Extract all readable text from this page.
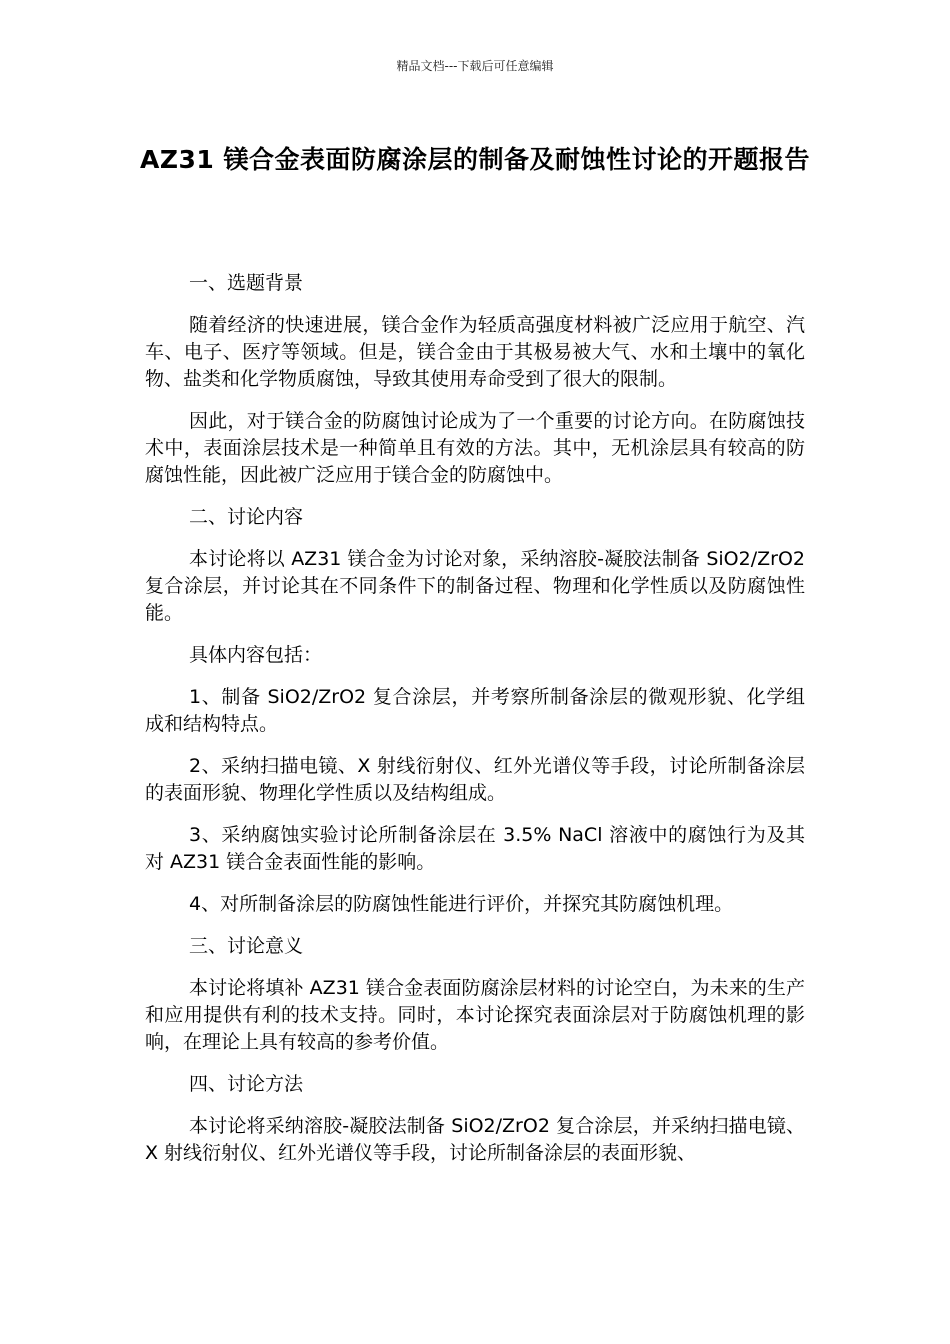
精品文档---下载后可任意编辑
AZ31 镁合金表面防腐涂层的制备及耐蚀性讨论的开题报告

一、选题背景

随着经济的快速进展，镁合金作为轻质高强度材料被广泛应用于航空、汽车、电子、医疗等领域。但是，镁合金由于其极易被大气、水和土壤中的氧化物、盐类和化学物质腐蚀，导致其使用寿命受到了很大的限制。

因此，对于镁合金的防腐蚀讨论成为了一个重要的讨论方向。在防腐蚀技术中，表面涂层技术是一种简单且有效的方法。其中，无机涂层具有较高的防腐蚀性能，因此被广泛应用于镁合金的防腐蚀中。

二、讨论内容

本讨论将以 AZ31 镁合金为讨论对象，采纳溶胶-凝胶法制备 SiO2/ZrO2 复合涂层，并讨论其在不同条件下的制备过程、物理和化学性质以及防腐蚀性能。

具体内容包括：

1、制备 SiO2/ZrO2 复合涂层，并考察所制备涂层的微观形貌、化学组成和结构特点。

2、采纳扫描电镜、X 射线衍射仪、红外光谱仪等手段，讨论所制备涂层的表面形貌、物理化学性质以及结构组成。

3、采纳腐蚀实验讨论所制备涂层在 3.5% NaCl 溶液中的腐蚀行为及其对 AZ31 镁合金表面性能的影响。

4、对所制备涂层的防腐蚀性能进行评价，并探究其防腐蚀机理。

三、讨论意义

本讨论将填补 AZ31 镁合金表面防腐涂层材料的讨论空白，为未来的生产和应用提供有利的技术支持。同时，本讨论探究表面涂层对于防腐蚀机理的影响，在理论上具有较高的参考价值。

四、讨论方法

本讨论将采纳溶胶-凝胶法制备 SiO2/ZrO2 复合涂层，并采纳扫描电镜、X 射线衍射仪、红外光谱仪等手段，讨论所制备涂层的表面形貌、
